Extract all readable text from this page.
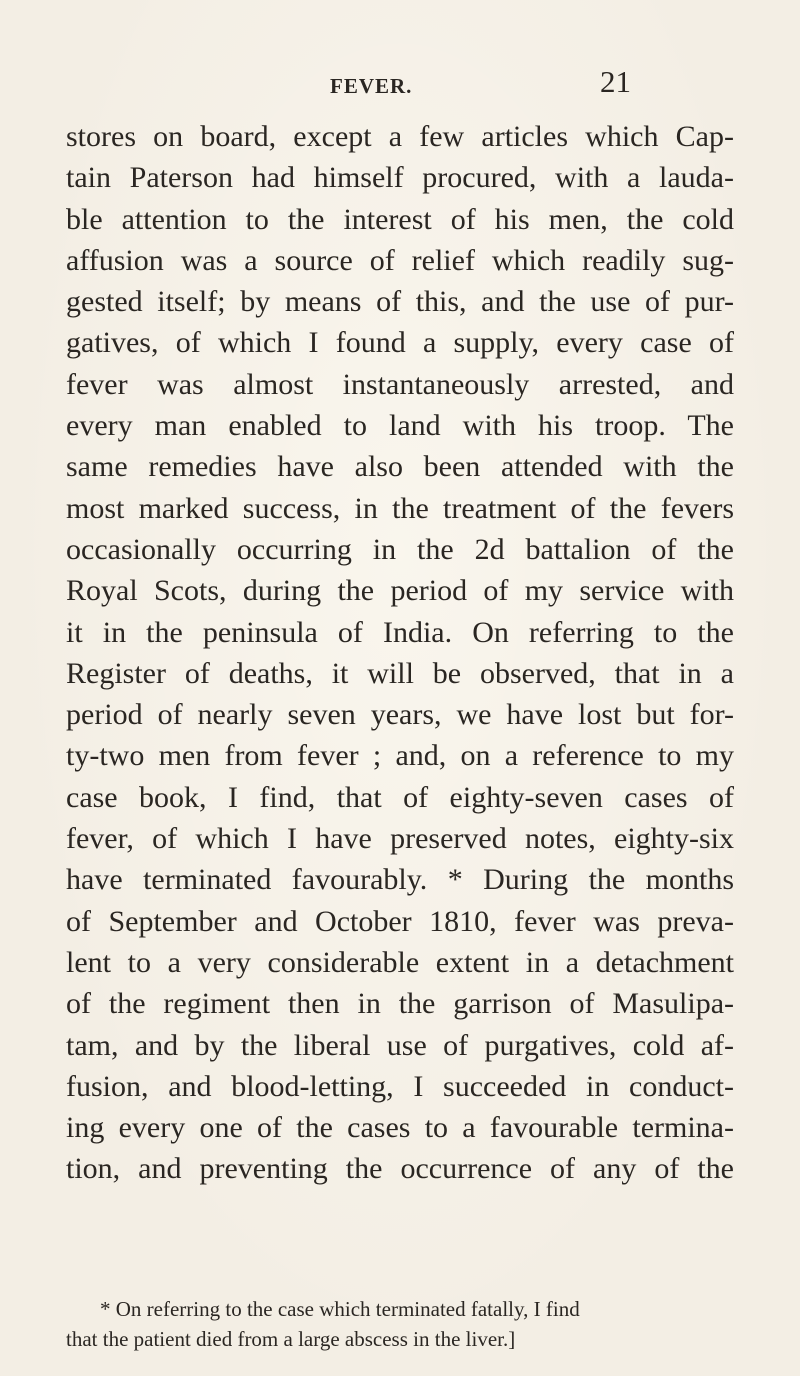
FEVER.	21
stores on board, except a few articles which Cap-
tain Paterson had himself procured, with a lauda-
ble attention to the interest of his men, the cold
affusion was a source of relief which readily sug-
gested itself; by means of this, and the use of pur-
gatives, of which I found a supply, every case of
fever was almost instantaneously arrested, and
every man enabled to land with his troop. The
same remedies have also been attended with the
most marked success, in the treatment of the fevers
occasionally occurring in the 2d battalion of the
Royal Scots, during the period of my service with
it in the peninsula of India. On referring to the
Register of deaths, it will be observed, that in a
period of nearly seven years, we have lost but for-
ty-two men from fever ; and, on a reference to my
case book, I find, that of eighty-seven cases of
fever, of which I have preserved notes, eighty-six
have terminated favourably. * During the months
of September and October 1810, fever was preva-
lent to a very considerable extent in a detachment
of the regiment then in the garrison of Masulipa-
tam, and by the liberal use of purgatives, cold af-
fusion, and blood-letting, I succeeded in conduct-
ing every one of the cases to a favourable termina-
tion, and preventing the occurrence of any of the
* On referring to the case which terminated fatally, I find
that the patient died from a large abscess in the liver.]
